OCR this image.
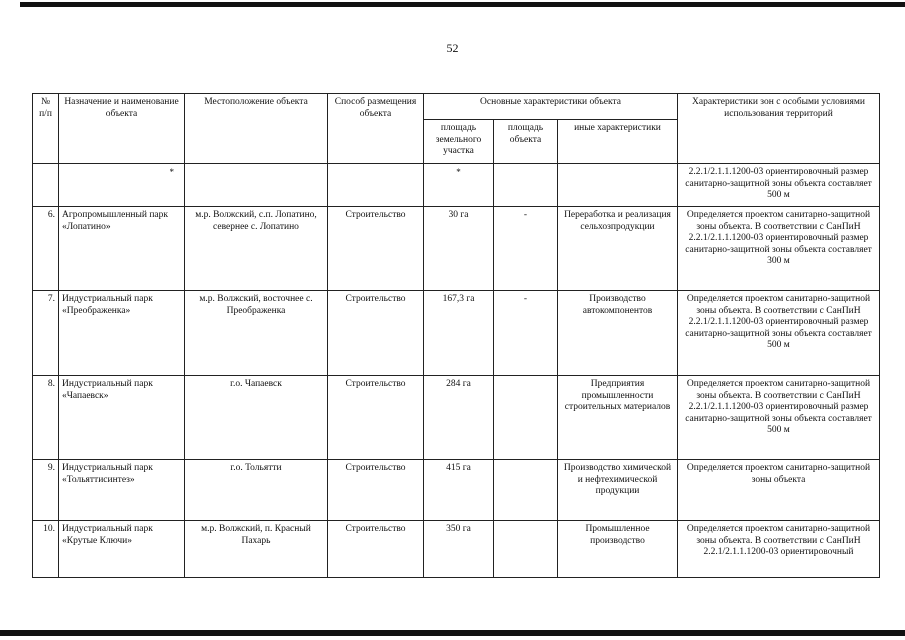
52
№ п/п	Назначение и наименование объекта	Местоположение объекта	Способ размещения объекта	Основные характеристики объекта			Характеристики зон с особыми условиями использования территорий
				площадь земельного участка	площадь объекта	иные характеристики	
	*			*			2.2.1/2.1.1.1200-03 ориентировочный размер санитарно-защитной зоны объекта составляет 500 м
6.	Агропромышленный парк «Лопатино»	м.р. Волжский, с.п. Лопатино, севернее с. Лопатино	Строительство	30 га	-	Переработка и реализация сельхозпродукции	Определяется проектом санитарно-защитной зоны объекта. В соответствии с СанПиН 2.2.1/2.1.1.1200-03 ориентировочный размер санитарно-защитной зоны объекта составляет 300 м
7.	Индустриальный парк «Преображенка»	м.р. Волжский, восточнее с. Преображенка	Строительство	167,3 га	-	Производство автокомпонентов	Определяется проектом санитарно-защитной зоны объекта. В соответствии с СанПиН 2.2.1/2.1.1.1200-03 ориентировочный размер санитарно-защитной зоны объекта составляет 500 м
8.	Индустриальный парк «Чапаевск»	г.о. Чапаевск	Строительство	284 га		Предприятия промышленности строительных материалов	Определяется проектом санитарно-защитной зоны объекта. В соответствии с СанПиН 2.2.1/2.1.1.1200-03 ориентировочный размер санитарно-защитной зоны объекта составляет 500 м
9.	Индустриальный парк «Тольяттисинтез»	г.о. Тольятти	Строительство	415 га		Производство химической и нефтехимической продукции	Определяется проектом санитарно-защитной зоны объекта
10.	Индустриальный парк «Крутые Ключи»	м.р. Волжский, п. Красный Пахарь	Строительство	350 га		Промышленное производство	Определяется проектом санитарно-защитной зоны объекта. В соответствии с СанПиН 2.2.1/2.1.1.1200-03 ориентировочный
